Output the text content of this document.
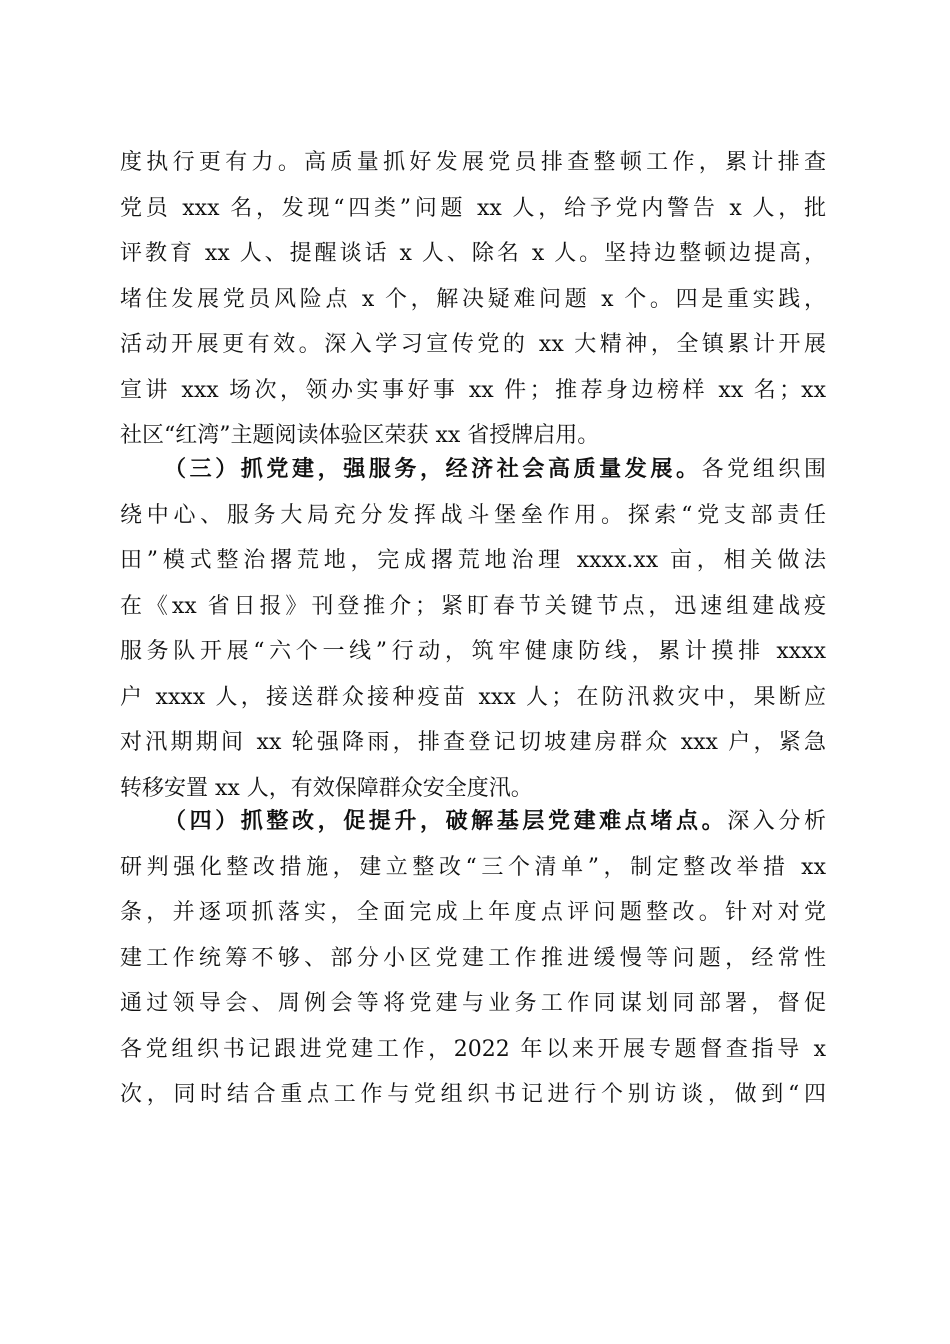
度执行更有力。高质量抓好发展党员排查整顿工作，累计排查
党员 xxx 名，发现“四类”问题 xx 人，给予党内警告 x 人，批
评教育 xx 人、提醒谈话 x 人、除名 x 人。坚持边整顿边提高，
堵住发展党员风险点 x 个，解决疑难问题 x 个。四是重实践，
活动开展更有效。深入学习宣传党的 xx 大精神，全镇累计开展
宣讲 xxx 场次，领办实事好事 xx 件；推荐身边榜样 xx 名；xx
社区“红湾”主题阅读体验区荣获 xx 省授牌启用。
（三）抓党建，强服务，经济社会高质量发展。各党组织围
绕中心、服务大局充分发挥战斗堡垒作用。探索“党支部责任
田”模式整治撂荒地，完成撂荒地治理 xxxx.xx 亩，相关做法
在《xx 省日报》刊登推介；紧盯春节关键节点，迅速组建战疫
服务队开展“六个一线”行动，筑牢健康防线，累计摸排 xxxx
户 xxxx 人，接送群众接种疫苗 xxx 人；在防汛救灾中，果断应
对汛期期间 xx 轮强降雨，排查登记切坡建房群众 xxx 户，紧急
转移安置 xx 人，有效保障群众安全度汛。
（四）抓整改，促提升，破解基层党建难点堵点。深入分析
研判强化整改措施，建立整改“三个清单”，制定整改举措 xx
条，并逐项抓落实，全面完成上年度点评问题整改。针对对党
建工作统筹不够、部分小区党建工作推进缓慢等问题，经常性
通过领导会、周例会等将党建与业务工作同谋划同部署，督促
各党组织书记跟进党建工作，2022 年以来开展专题督查指导 x
次，同时结合重点工作与党组织书记进行个别访谈，做到“四
